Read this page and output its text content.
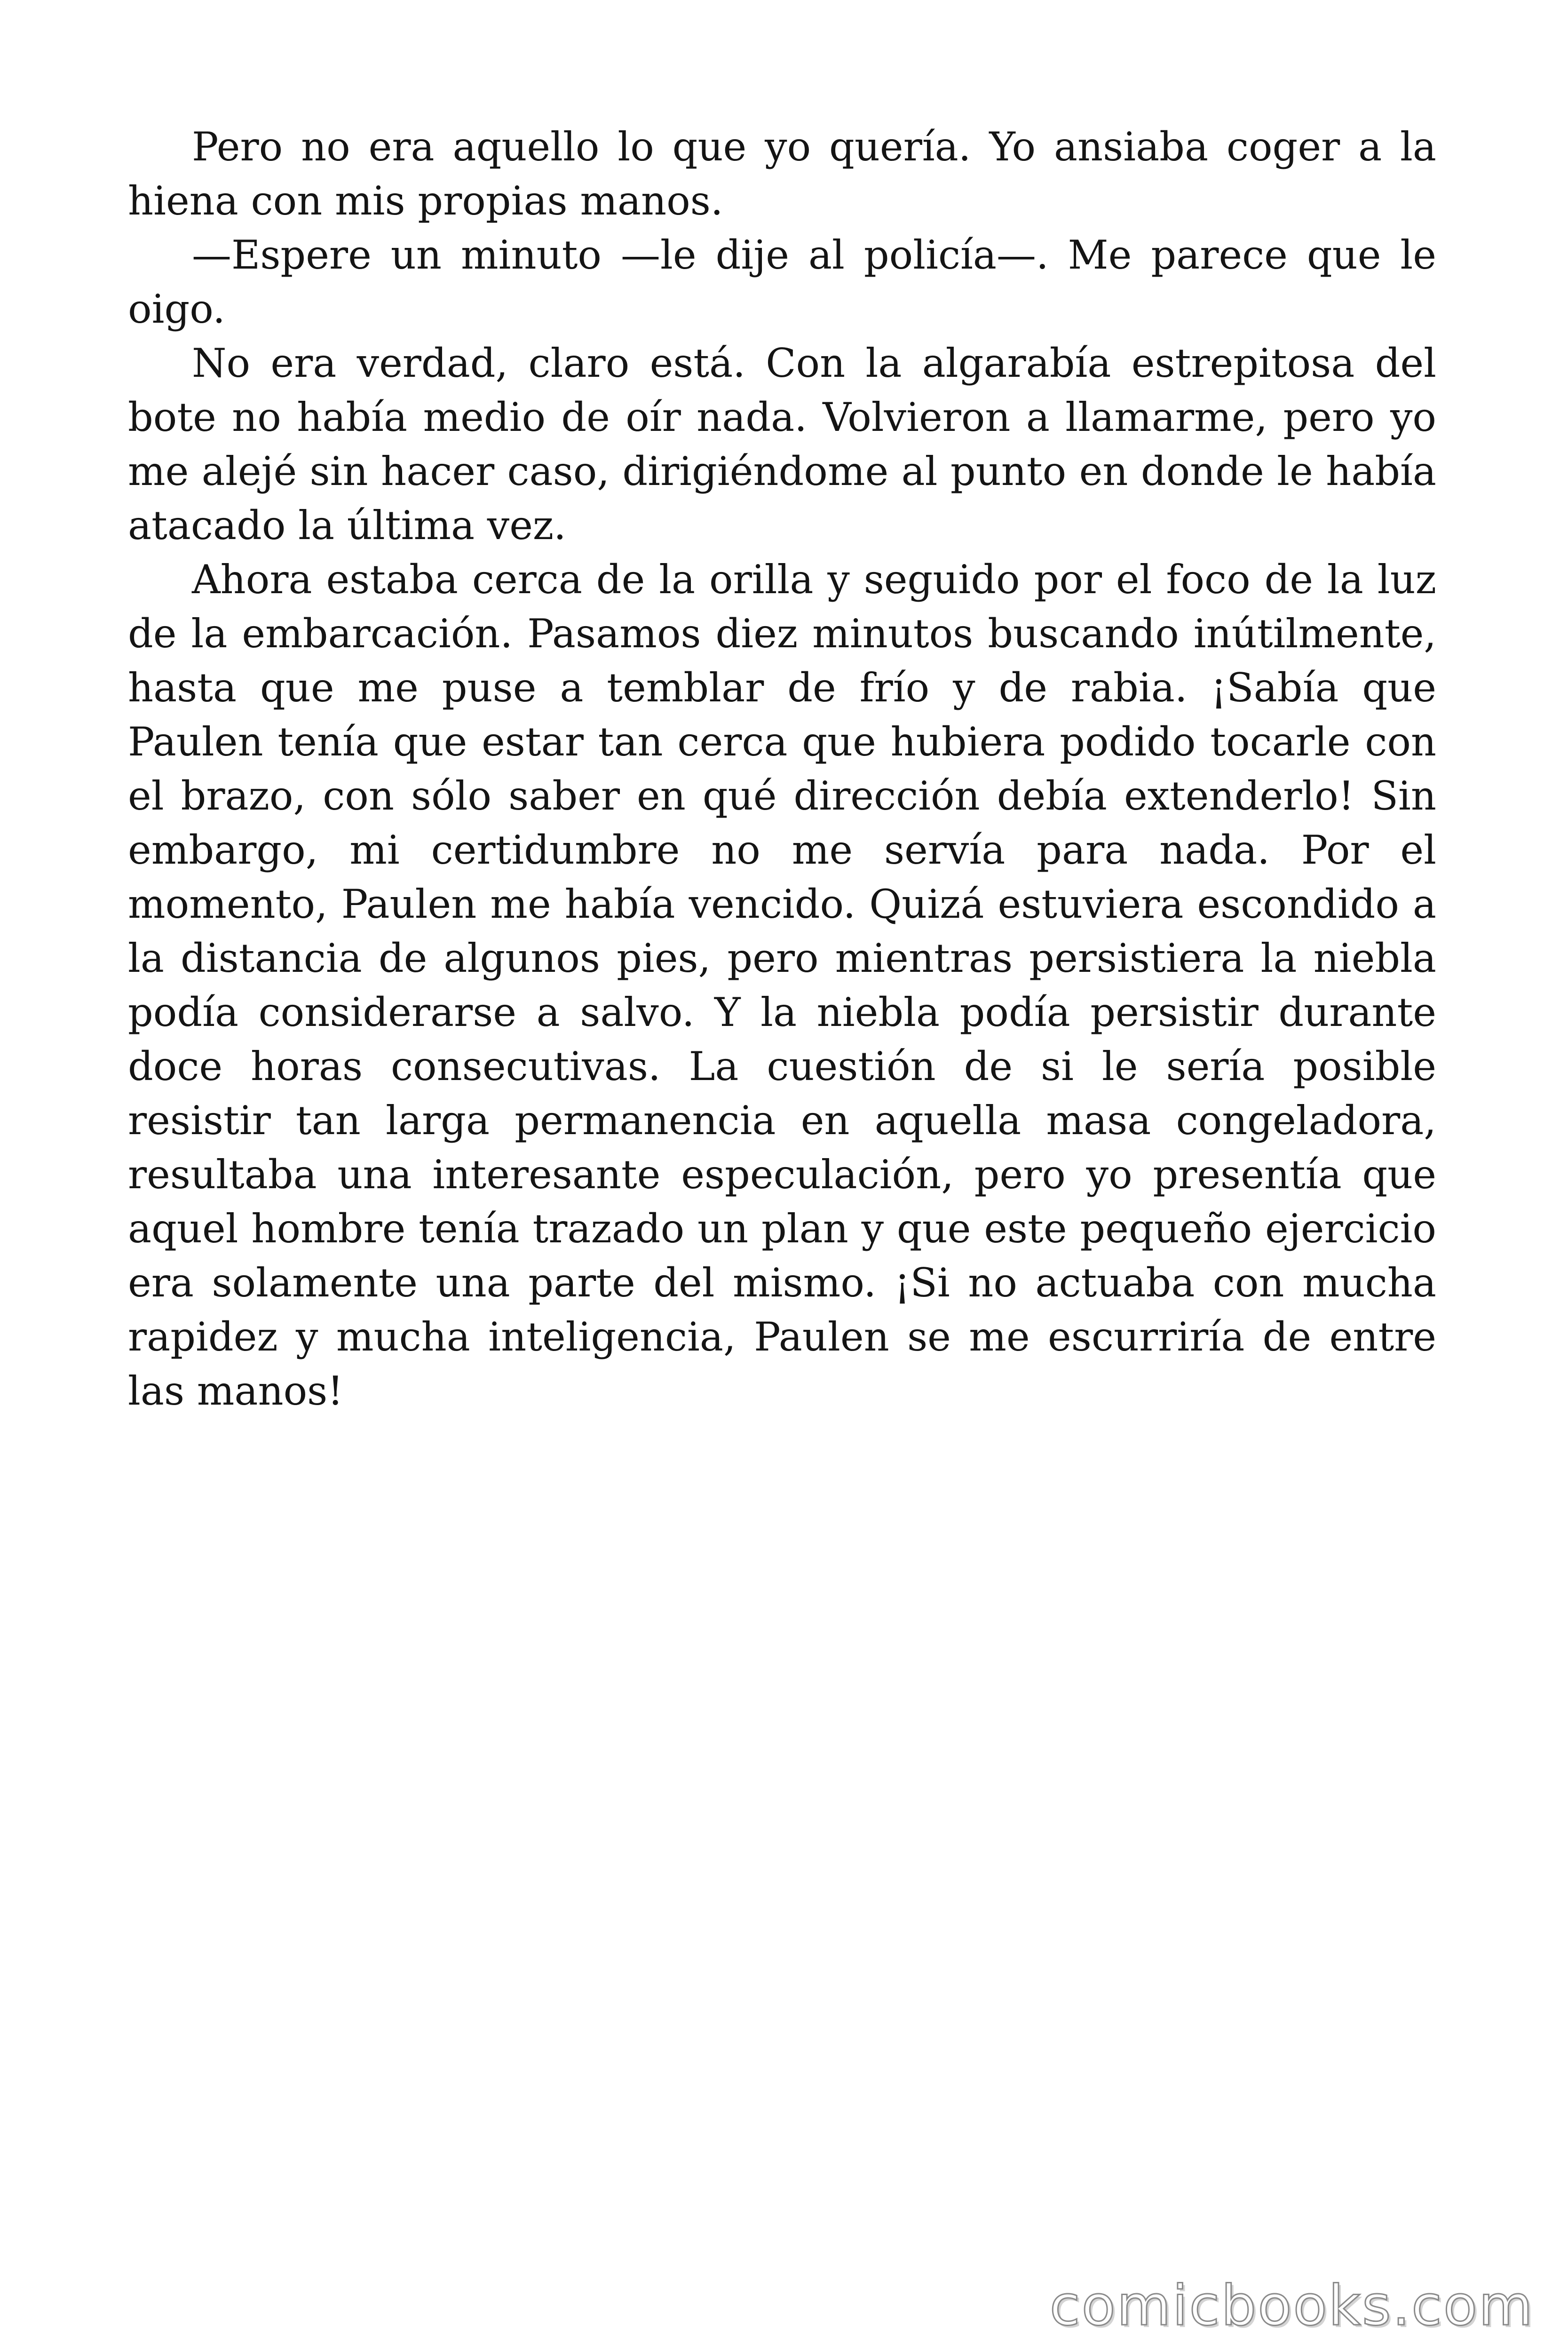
Pero no era aquello lo que yo quería. Yo ansiaba coger a la hiena con mis propias manos.

—Espere un minuto —le dije al policía—. Me parece que le oigo.

No era verdad, claro está. Con la algarabía estrepitosa del bote no había medio de oír nada. Volvieron a llamarme, pero yo me alejé sin hacer caso, dirigiéndome al punto en donde le había atacado la última vez.

Ahora estaba cerca de la orilla y seguido por el foco de la luz de la embarcación. Pasamos diez minutos buscando inútilmente, hasta que me puse a temblar de frío y de rabia. ¡Sabía que Paulen tenía que estar tan cerca que hubiera podido tocarle con el brazo, con sólo saber en qué dirección debía extenderlo! Sin embargo, mi certidumbre no me servía para nada. Por el momento, Paulen me había vencido. Quizá estuviera escondido a la distancia de algunos pies, pero mientras persistiera la niebla podía considerarse a salvo. Y la niebla podía persistir durante doce horas consecutivas. La cuestión de si le sería posible resistir tan larga permanencia en aquella masa congeladora, resultaba una interesante especulación, pero yo presentía que aquel hombre tenía trazado un plan y que este pequeño ejercicio era solamente una parte del mismo. ¡Si no actuaba con mucha rapidez y mucha inteligencia, Paulen se me escurriría de entre las manos!

comicbooks.com
